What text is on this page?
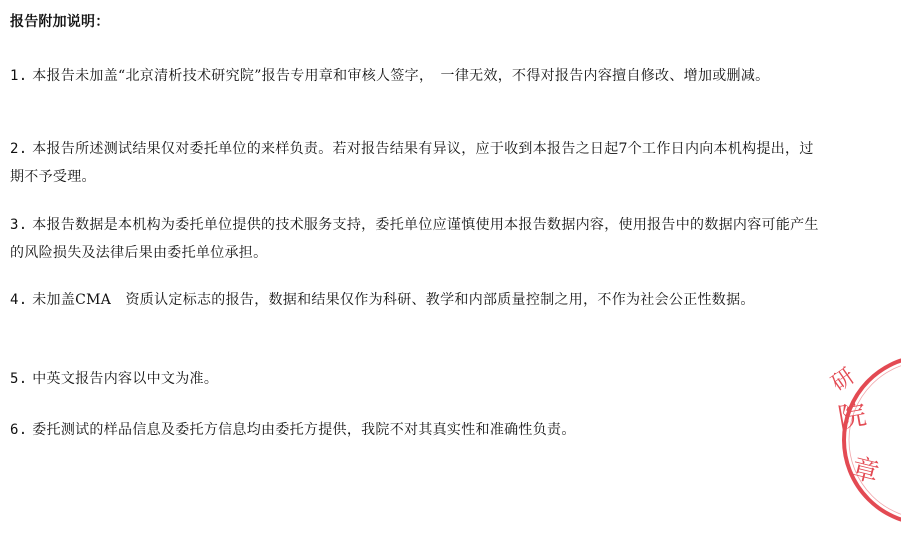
报告附加说明：
1. 本报告未加盖“北京清析技术研究院”报告专用章和审核人签字，　一律无效，不得对报告内容擅自修改、增加或删减。
2. 本报告所述测试结果仅对委托单位的来样负责。若对报告结果有异议，应于收到本报告之日起7个工作日内向本机构提出，过期不予受理。
3. 本报告数据是本机构为委托单位提供的技术服务支持，委托单位应谨慎使用本报告数据内容，使用报告中的数据内容可能产生的风险损失及法律后果由委托单位承担。
4. 未加盖CMA　资质认定标志的报告，数据和结果仅作为科研、教学和内部质量控制之用，不作为社会公正性数据。
5. 中英文报告内容以中文为准。
6. 委托测试的样品信息及委托方信息均由委托方提供，我院不对其真实性和准确性负责。
研
院
章
